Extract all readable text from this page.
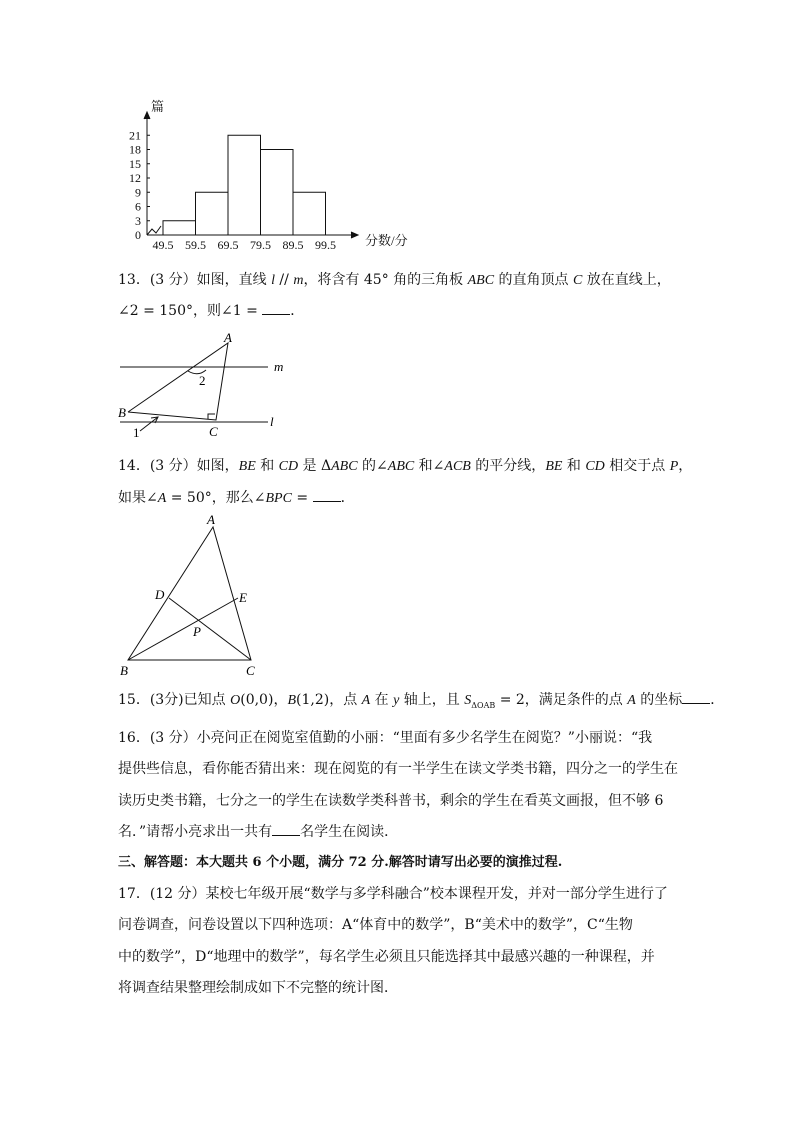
0
3
6
9
12
15
18
21
49.5 59.5 69.5 79.5 89.5 99.5
篇
分数/分
13．(3 分）如图，直线 l // m，将含有 45° 角的三角板 ABC 的直角顶点 C 放在直线上，
∠2 = 150°，则∠1 = ．
A
B
C
m
l
1
2
14．(3 分）如图，BE 和 CD 是 ΔABC 的∠ABC 和∠ACB 的平分线，BE 和 CD 相交于点 P，
如果∠A = 50°，那么∠BPC = ．
A
B	C
D	E
P
15．(3分)已知点 O(0,0)，B(1,2)，点 A 在 y 轴上，且 $S_{\Delta OAB} = 2$，满足条件的点 A 的坐标 ．
16．(3 分）小亮问正在阅览室值勤的小丽：“里面有多少名学生在阅览？”小丽说：“我
提供些信息，看你能否猜出来：现在阅览的有一半学生在读文学类书籍，四分之一的学生在
读历史类书籍，七分之一的学生在读数学类科普书，剩余的学生在看英文画报，但不够 6
名．”请帮小亮求出一共有 名学生在阅读．
三、解答题：本大题共 6 个小题，满分 72 分.解答时请写出必要的演推过程.
17．(12 分）某校七年级开展“数学与多学科融合”校本课程开发，并对一部分学生进行了
问卷调查，问卷设置以下四种选项：A“体育中的数学”，B“美术中的数学”，C“生物
中的数学”，D“地理中的数学”，每名学生必须且只能选择其中最感兴趣的一种课程，并
将调查结果整理绘制成如下不完整的统计图．
